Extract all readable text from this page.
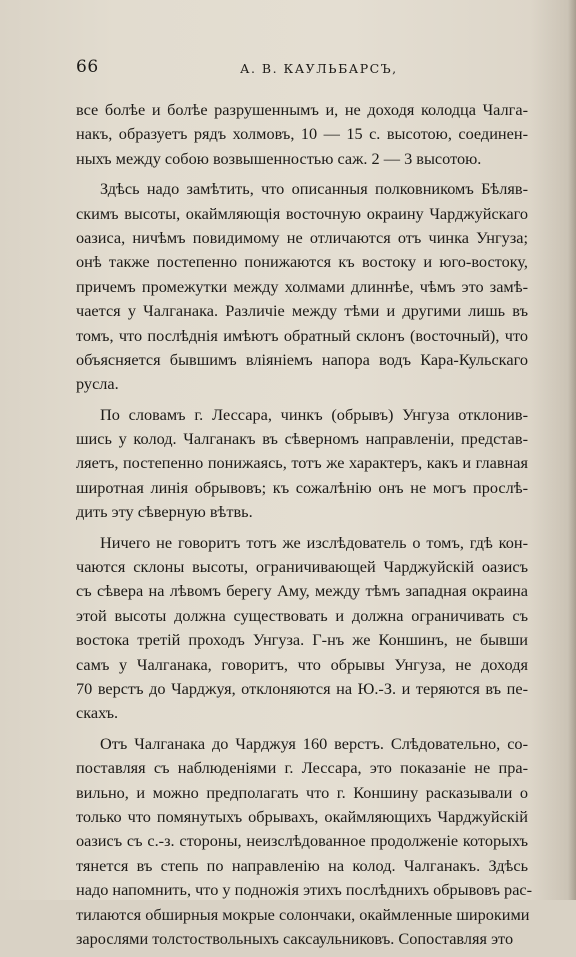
66	А. В. КАУЛЬБАРСЪ,
все болѣе и болѣе разрушеннымъ и, не доходя колодца Чалга-
накъ, образуетъ рядъ холмовъ, 10 — 15 с. высотою, соединен-
ныхъ между собою возвышенностью саж. 2 — 3 высотою.
Здѣсь надо замѣтить, что описанныя полковникомъ Бѣляв-
скимъ высоты, окаймляющія восточную окраину Чарджуйскаго
оазиса, ничѣмъ повидимому не отличаются отъ чинка Унгуза;
онѣ также постепенно понижаются къ востоку и юго-востоку,
причемъ промежутки между холмами длиннѣе, чѣмъ это замѣ-
чается у Чалганака. Различіе между тѣми и другими лишь въ
томъ, что послѣднія имѣютъ обратный склонъ (восточный), что
объясняется бывшимъ вліяніемъ напора водъ Кара-Кульскаго
русла.
По словамъ г. Лессара, чинкъ (обрывъ) Унгуза отклонив-
шись у колод. Чалганакъ въ сѣверномъ направленіи, представ-
ляетъ, постепенно понижаясь, тотъ же характеръ, какъ и главная
широтная линія обрывовъ; къ сожалѣнію онъ не могъ прослѣ-
дить эту сѣверную вѣтвь.
Ничего не говоритъ тотъ же изслѣдователь о томъ, гдѣ кон-
чаются склоны высоты, ограничивающей Чарджуйскій оазисъ
съ сѣвера на лѣвомъ берегу Аму, между тѣмъ западная окраина
этой высоты должна существовать и должна ограничивать съ
востока третій проходъ Унгуза. Г-нъ же Коншинъ, не бывши
самъ у Чалганака, говоритъ, что обрывы Унгуза, не доходя
70 верстъ до Чарджуя, отклоняются на Ю.-З. и теряются въ пе-
скахъ.
Отъ Чалганака до Чарджуя 160 верстъ. Слѣдовательно, со-
поставляя съ наблюденіями г. Лессара, это показаніе не пра-
вильно, и можно предполагать что г. Коншину расказывали о
только что помянутыхъ обрывахъ, окаймляющихъ Чарджуйскій
оазисъ съ с.-з. стороны, неизслѣдованное продолженіе которыхъ
тянется въ степь по направленію на колод. Чалганакъ. Здѣсь
надо напомнить, что у подножія этихъ послѣднихъ обрывовъ рас-
тилаются обширныя мокрые солончаки, окаймленные широкими
зарослями толстоствольныхъ саксаульниковъ. Сопоставляя это
